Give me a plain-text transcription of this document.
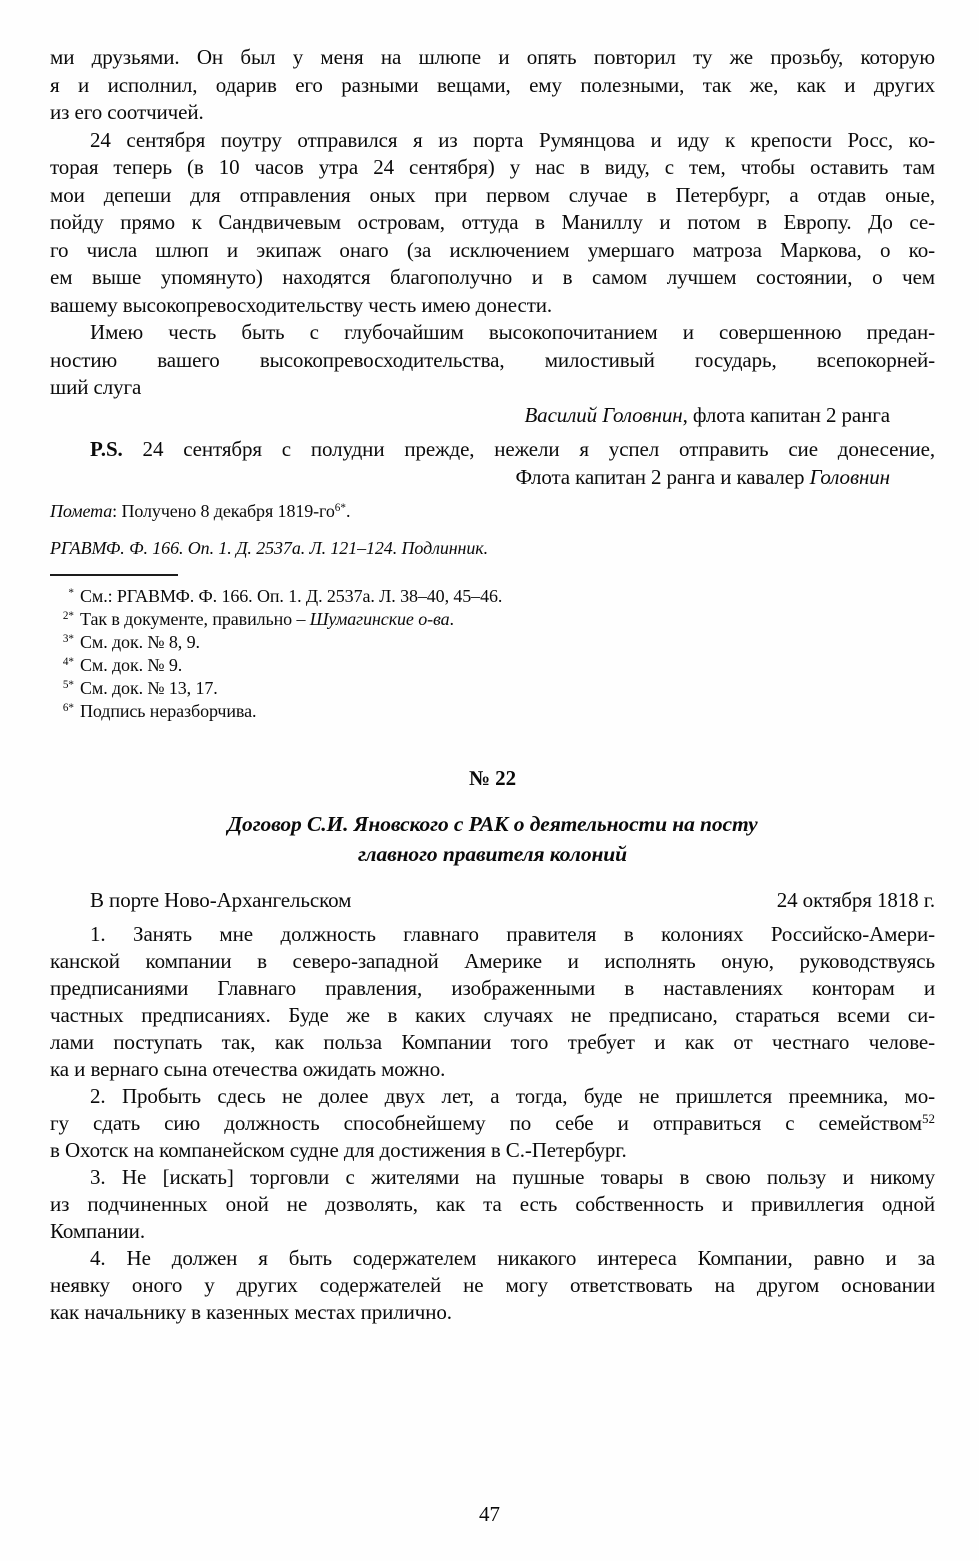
ми друзьями. Он был у меня на шлюпе и опять повторил ту же прозьбу, которую
я и исполнил, одарив его разными вещами, ему полезными, так же, как и других
из его соотчичей.
24 сентября поутру отправился я из порта Румянцова и иду к крепости Росс, ко-
торая теперь (в 10 часов утра 24 сентября) у нас в виду, с тем, чтобы оставить там
мои депеши для отправления оных при первом случае в Петербург, а отдав оные,
пойду прямо к Сандвичевым островам, оттуда в Маниллу и потом в Европу. До се-
го числа шлюп и экипаж онаго (за исключением умершаго матроза Маркова, о ко-
ем выше упомянуто) находятся благополучно и в самом лучшем состоянии, о чем
вашему высокопревосходительству честь имею донести.
Имею честь быть с глубочайшим высокопочитанием и совершенною предан-
ностию вашего высокопревосходительства, милостивый государь, всепокорней-
ший слуга
Василий Головнин, флота капитан 2 ранга
P.S. 24 сентября с полудни прежде, нежели я успел отправить сие донесение,
Флота капитан 2 ранга и кавалер Головнин
Помета: Получено 8 декабря $1819-го^{6*}$.
РГАВМФ. Ф. 166. Оп. 1. Д. 2537а. Л. 121–124. Подлинник.
* См.: РГАВМФ. Ф. 166. Оп. 1. Д. 2537а. Л. 38–40, 45–46.
$^{2*}$ Так в документе, правильно – Шумагинские о-ва.
$^{3*}$ См. док. № 8, 9.
$^{4*}$ См. док. № 9.
$^{5*}$ См. док. № 13, 17.
$^{6*}$ Подпись неразборчива.
№ 22
Договор С.И. Яновского с РАК о деятельности на посту
главного правителя колоний
В порте Ново-Архангельском	24 октября 1818 г.
1. Занять мне должность главнаго правителя в колониях Российско-Амери-
канской компании в северо-западной Америке и исполнять оную, руководствуясь
предписаниями Главнаго правления, изображенными в наставлениях конторам и
частных предписаниях. Буде же в каких случаях не предписано, стараться всеми си-
лами поступать так, как польза Компании того требует и как от честнаго челове-
ка и вернаго сына отечества ожидать можно.
2. Пробыть сдесь не долее двух лет, а тогда, буде не пришлется преемника, мо-
гу сдать сию должность способнейшему по себе и отправиться с семейством$^{52}$
в Охотск на компанейском судне для достижения в С.-Петербург.
3. Не [искать] торговли с жителями на пушные товары в свою пользу и никому
из подчиненных оной не дозволять, как та есть собственность и привиллегия одной
Компании.
4. Не должен я быть содержателем никакого интереса Компании, равно и за
неявку оного у других содержателей не могу ответствовать на другом основании
как начальнику в казенных местах прилично.
47
